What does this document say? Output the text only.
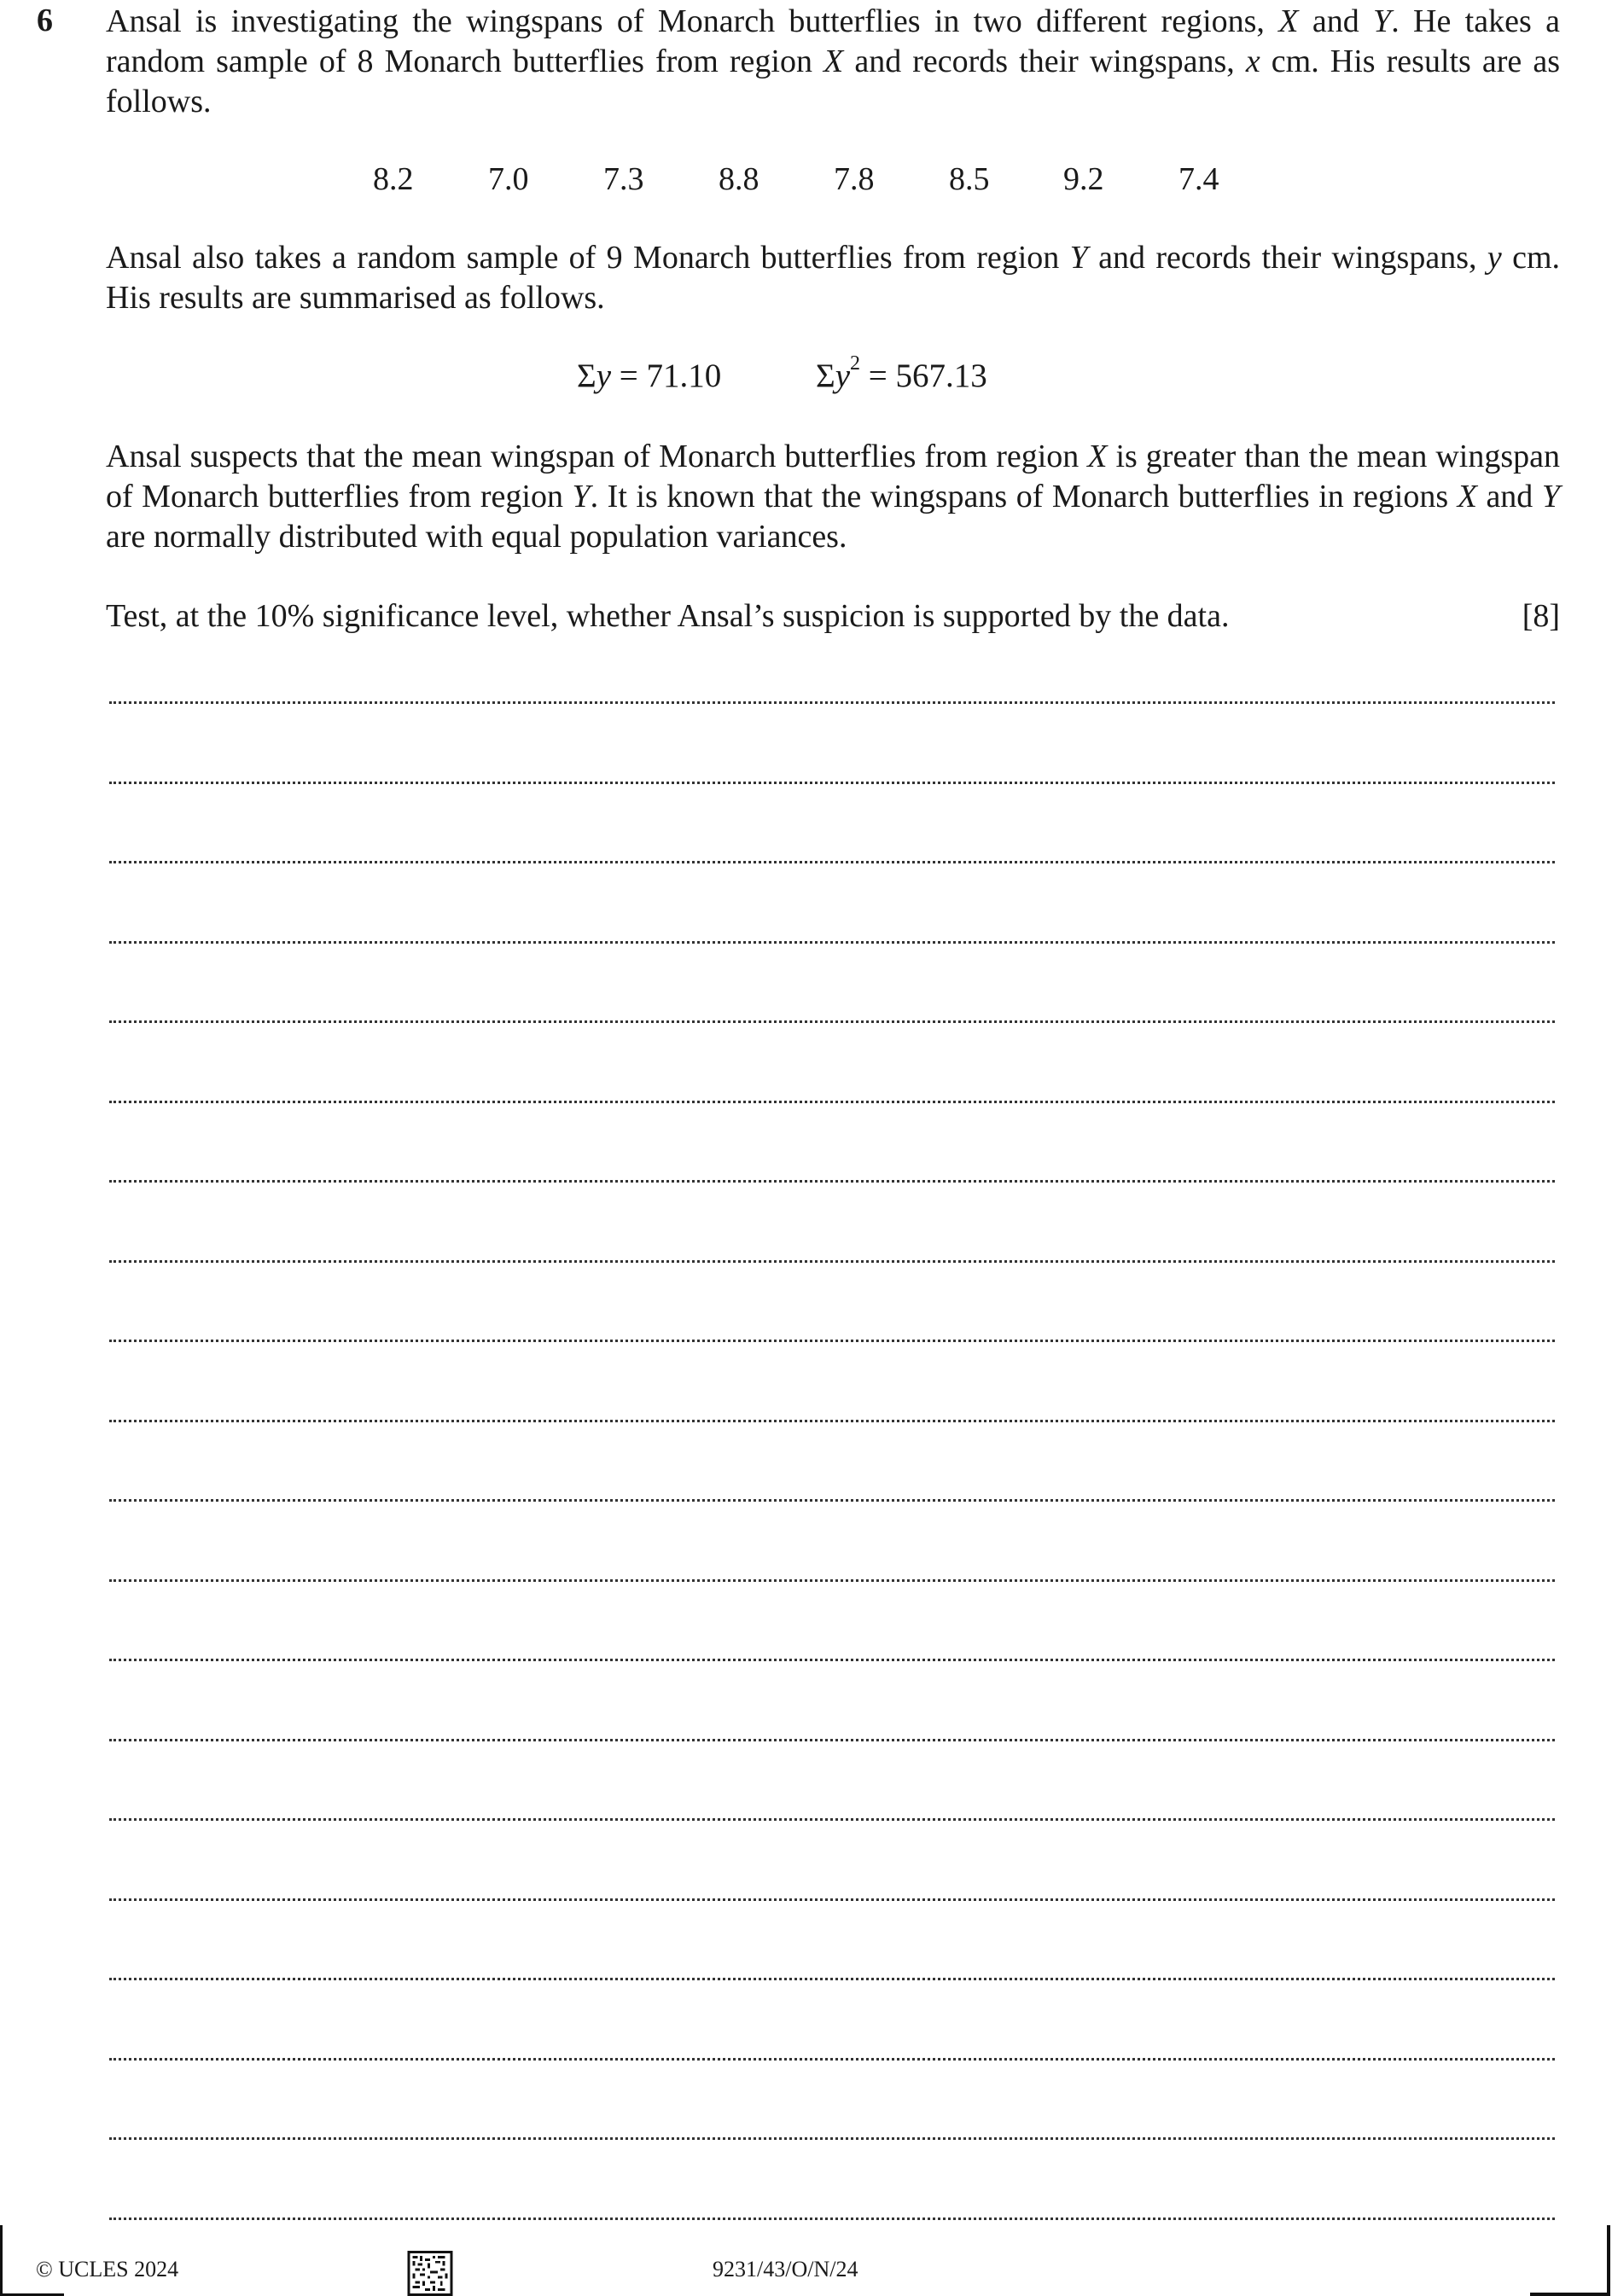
6 Ansal is investigating the wingspans of Monarch butterflies in two different regions, X and Y. He takes a random sample of 8 Monarch butterflies from region X and records their wingspans, x cm. His results are as follows.
8.2 7.0 7.3 8.8 7.8 8.5 9.2 7.4
Ansal also takes a random sample of 9 Monarch butterflies from region Y and records their wingspans, y cm. His results are summarised as follows.
Σy = 71.10	$\Sigma y^2 = 567.13$
Ansal suspects that the mean wingspan of Monarch butterflies from region X is greater than the mean wingspan of Monarch butterflies from region Y. It is known that the wingspans of Monarch butterflies in regions X and Y are normally distributed with equal population variances.
Test, at the 10% significance level, whether Ansal’s suspicion is supported by the data.	[8]
© UCLES 2024	9231/43/O/N/24
